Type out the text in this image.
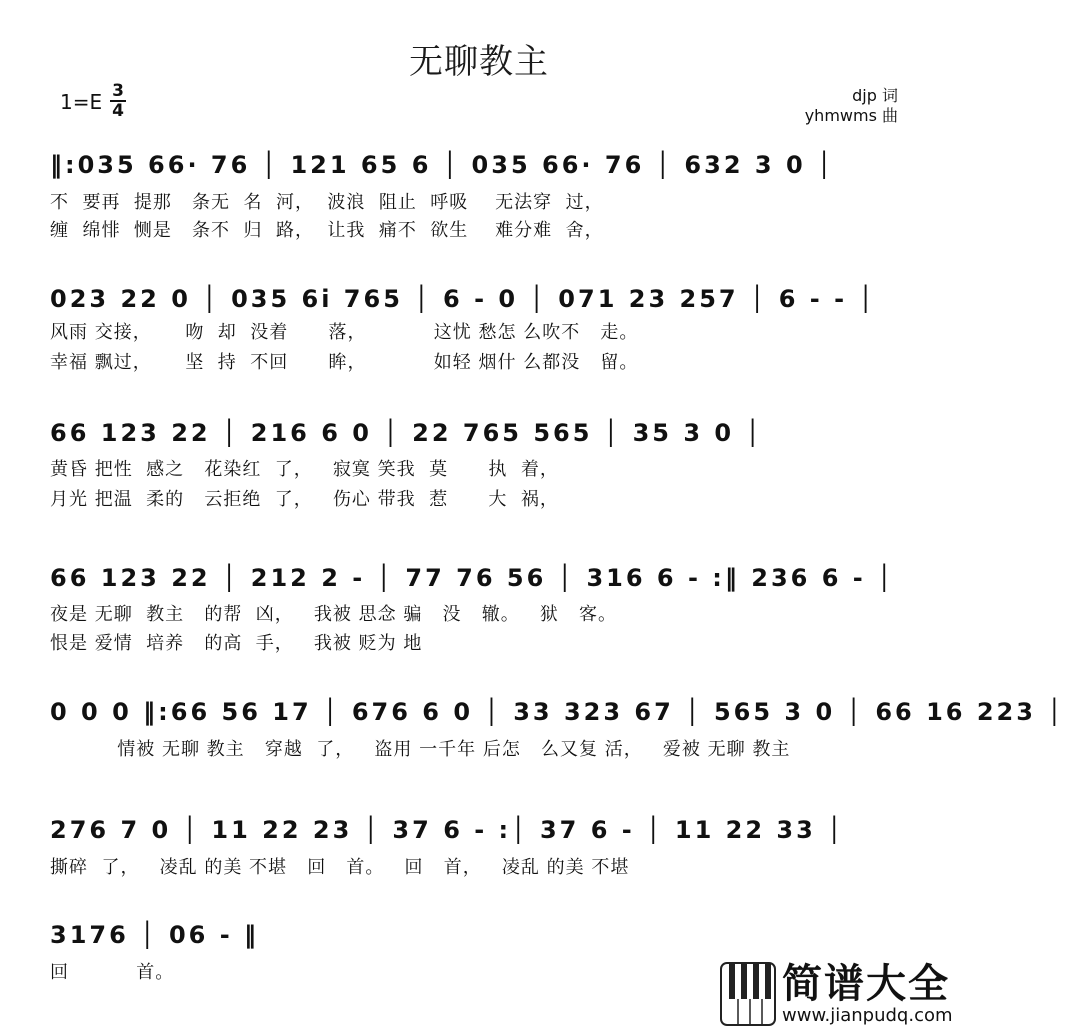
无聊教主
$1=E \frac{3}{4}$	djp 词
yhmwms 曲
‖:035 66· 76 │ 121 65 6 │ 035 66· 76 │ 632 3 0 │
不  要再  提那   条无  名  河，  波浪  阻止  呼吸    无法穿  过，
缠  绵悱  恻是   条不  归  路，  让我  痛不  欲生    难分难  舍，
023 22 0 │ 035 6i 765 │ 6 - 0 │ 071 23 257 │ 6 - - │
风雨 交接，     吻  却  没着      落，          这忧 愁怎 么吹不   走。
幸福 飘过，     坚  持  不回      眸，          如轻 烟什 么都没   留。
66 123 22 │ 216 6 0 │ 22 765 565 │ 35 3 0 │
黄昏 把性  感之   花染红  了，   寂寞 笑我  莫      执  着，
月光 把温  柔的   云拒绝  了，   伤心 带我  惹      大  祸，
66 123 22 │ 212 2 - │ 77 76 56 │ 316 6 - :‖ 236 6 - │
夜是 无聊  教主   的帮  凶，   我被 思念 骗   没   辙。   狱   客。
恨是 爱情  培养   的高  手，   我被 贬为 地
0 0 0 ‖:66 56 17 │ 676 6 0 │ 33 323 67 │ 565 3 0 │ 66 16 223 │
情被 无聊 教主   穿越  了，   盗用 一千年 后怎   么又复 活，   爱被 无聊 教主
276 7 0 │ 11 22 23 │ 37 6 - :│ 37 6 - │ 11 22 33 │
撕碎  了，   凌乱 的美 不堪   回   首。   回   首，   凌乱 的美 不堪
3176 │ 06 - ‖
回          首。	简谱大全
www.jianpudq.com
